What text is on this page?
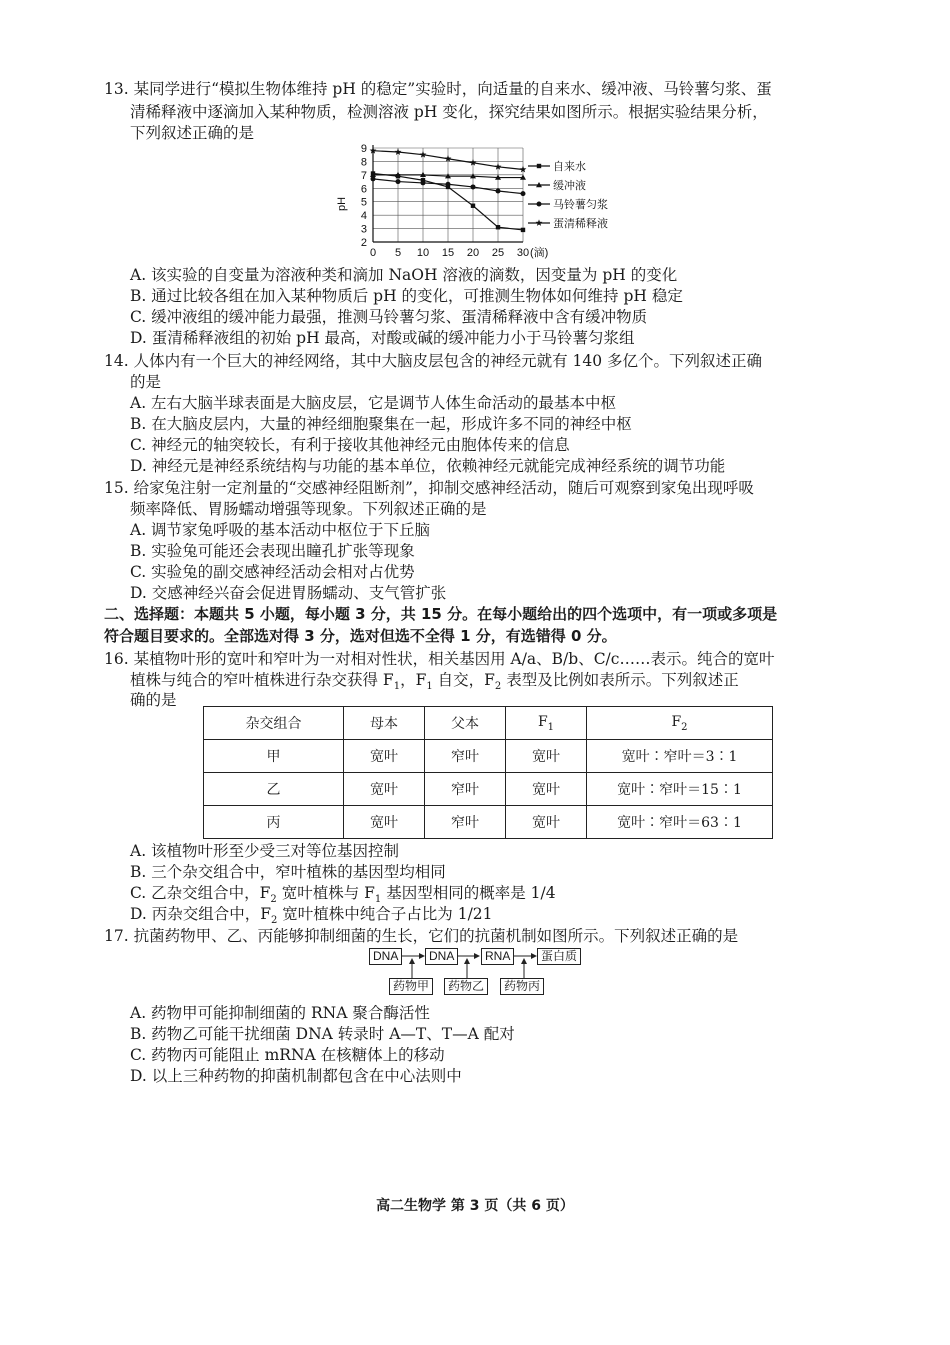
13. 某同学进行“模拟生物体维持 pH 的稳定”实验时，向适量的自来水、缓冲液、马铃薯匀浆、蛋
清稀释液中逐滴加入某种物质，检测溶液 pH 变化，探究结果如图所示。根据实验结果分析，
下列叙述正确的是
2
3
4
5
6
7
8
9
0 5 10 15 20 25 30
自来水
缓冲液
马铃薯匀浆
蛋清稀释液
pH
(滴)
A. 该实验的自变量为溶液种类和滴加 NaOH 溶液的滴数，因变量为 pH 的变化
B. 通过比较各组在加入某种物质后 pH 的变化，可推测生物体如何维持 pH 稳定
C. 缓冲液组的缓冲能力最强，推测马铃薯匀浆、蛋清稀释液中含有缓冲物质
D. 蛋清稀释液组的初始 pH 最高，对酸或碱的缓冲能力小于马铃薯匀浆组
14. 人体内有一个巨大的神经网络，其中大脑皮层包含的神经元就有 140 多亿个。下列叙述正确
的是
A. 左右大脑半球表面是大脑皮层，它是调节人体生命活动的最基本中枢
B. 在大脑皮层内，大量的神经细胞聚集在一起，形成许多不同的神经中枢
C. 神经元的轴突较长，有利于接收其他神经元由胞体传来的信息
D. 神经元是神经系统结构与功能的基本单位，依赖神经元就能完成神经系统的调节功能
15. 给家兔注射一定剂量的“交感神经阻断剂”，抑制交感神经活动，随后可观察到家兔出现呼吸
频率降低、胃肠蠕动增强等现象。下列叙述正确的是
A. 调节家兔呼吸的基本活动中枢位于下丘脑
B. 实验兔可能还会表现出瞳孔扩张等现象
C. 实验兔的副交感神经活动会相对占优势
D. 交感神经兴奋会促进胃肠蠕动、支气管扩张
二、选择题：本题共 5 小题，每小题 3 分，共 15 分。在每小题给出的四个选项中，有一项或多项是
符合题目要求的。全部选对得 3 分，选对但选不全得 1 分，有选错得 0 分。
16. 某植物叶形的宽叶和窄叶为一对相对性状，相关基因用 A/a、B/b、C/c……表示。纯合的宽叶
植株与纯合的窄叶植株进行杂交获得 $F_1$，$F_1$ 自交，$F_2$ 表型及比例如表所示。下列叙述正
确的是
杂交组合	母本	父本	$F_1$	$F_2$
甲	宽叶	窄叶	宽叶	宽叶∶窄叶＝3∶1
乙	宽叶	窄叶	宽叶	宽叶∶窄叶＝15∶1
丙	宽叶	窄叶	宽叶	宽叶∶窄叶＝63∶1
A. 该植物叶形至少受三对等位基因控制
B. 三个杂交组合中，窄叶植株的基因型均相同
C. 乙杂交组合中，$F_2$ 宽叶植株与 $F_1$ 基因型相同的概率是 1/4
D. 丙杂交组合中，$F_2$ 宽叶植株中纯合子占比为 1/21
17. 抗菌药物甲、乙、丙能够抑制细菌的生长，它们的抗菌机制如图所示。下列叙述正确的是
DNA	DNA	RNA	蛋白质
药物甲	药物乙	药物丙
A. 药物甲可能抑制细菌的 RNA 聚合酶活性
B. 药物乙可能干扰细菌 DNA 转录时 A—T、T—A 配对
C. 药物丙可能阻止 mRNA 在核糖体上的移动
D. 以上三种药物的抑菌机制都包含在中心法则中
高二生物学 第 3 页（共 6 页）
